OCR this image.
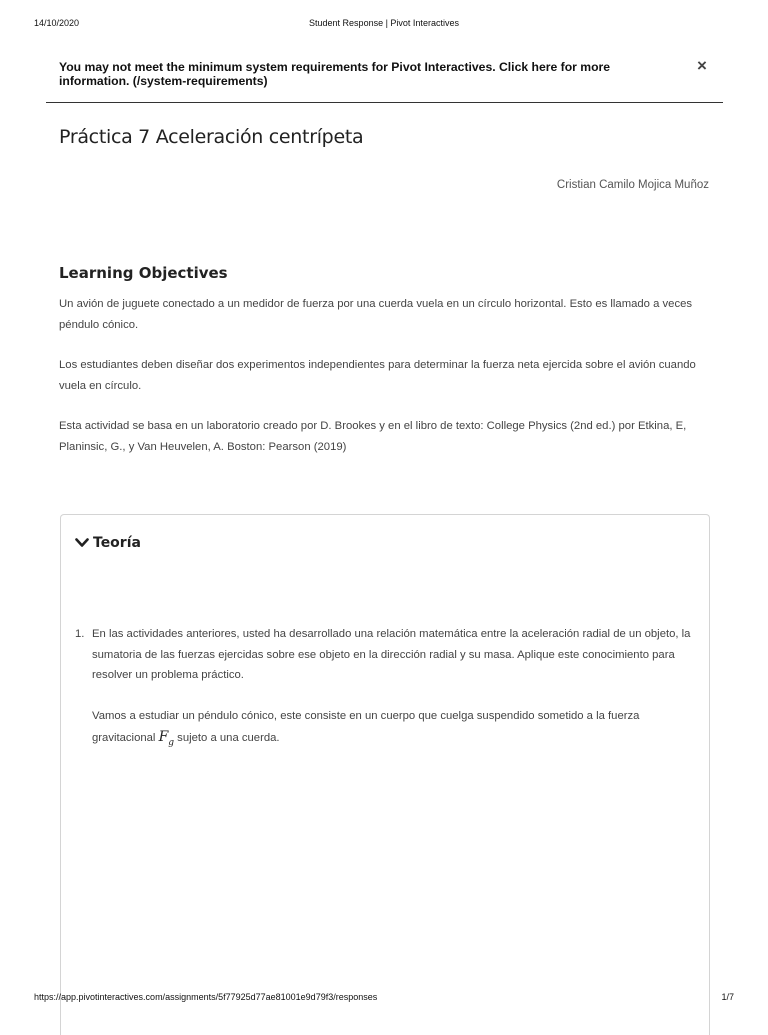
14/10/2020	Student Response | Pivot Interactives
You may not meet the minimum system requirements for Pivot Interactives. Click here for more information. (/system-requirements)
×
Práctica 7 Aceleración centrípeta
Cristian Camilo Mojica Muñoz
Learning Objectives

Un avión de juguete conectado a un medidor de fuerza por una cuerda vuela en un círculo horizontal. Esto es llamado a veces péndulo cónico.

Los estudiantes deben diseñar dos experimentos independientes para determinar la fuerza neta ejercida sobre el avión cuando vuela en círculo.

Esta actividad se basa en un laboratorio creado por D. Brookes y en el libro de texto: College Physics (2nd ed.) por Etkina, E, Planinsic, G., y Van Heuvelen, A. Boston: Pearson (2019)

Teoría
1. En las actividades anteriores, usted ha desarrollado una relación matemática entre la aceleración radial de un objeto, la sumatoria de las fuerzas ejercidas sobre ese objeto en la dirección radial y su masa. Aplique este conocimiento para resolver un problema práctico.

Vamos a estudiar un péndulo cónico, este consiste en un cuerpo que cuelga suspendido sometido a la fuerza gravitacional $F_g$ sujeto a una cuerda.

https://app.pivotinteractives.com/assignments/5f77925d77ae81001e9d79f3/responses	1/7
